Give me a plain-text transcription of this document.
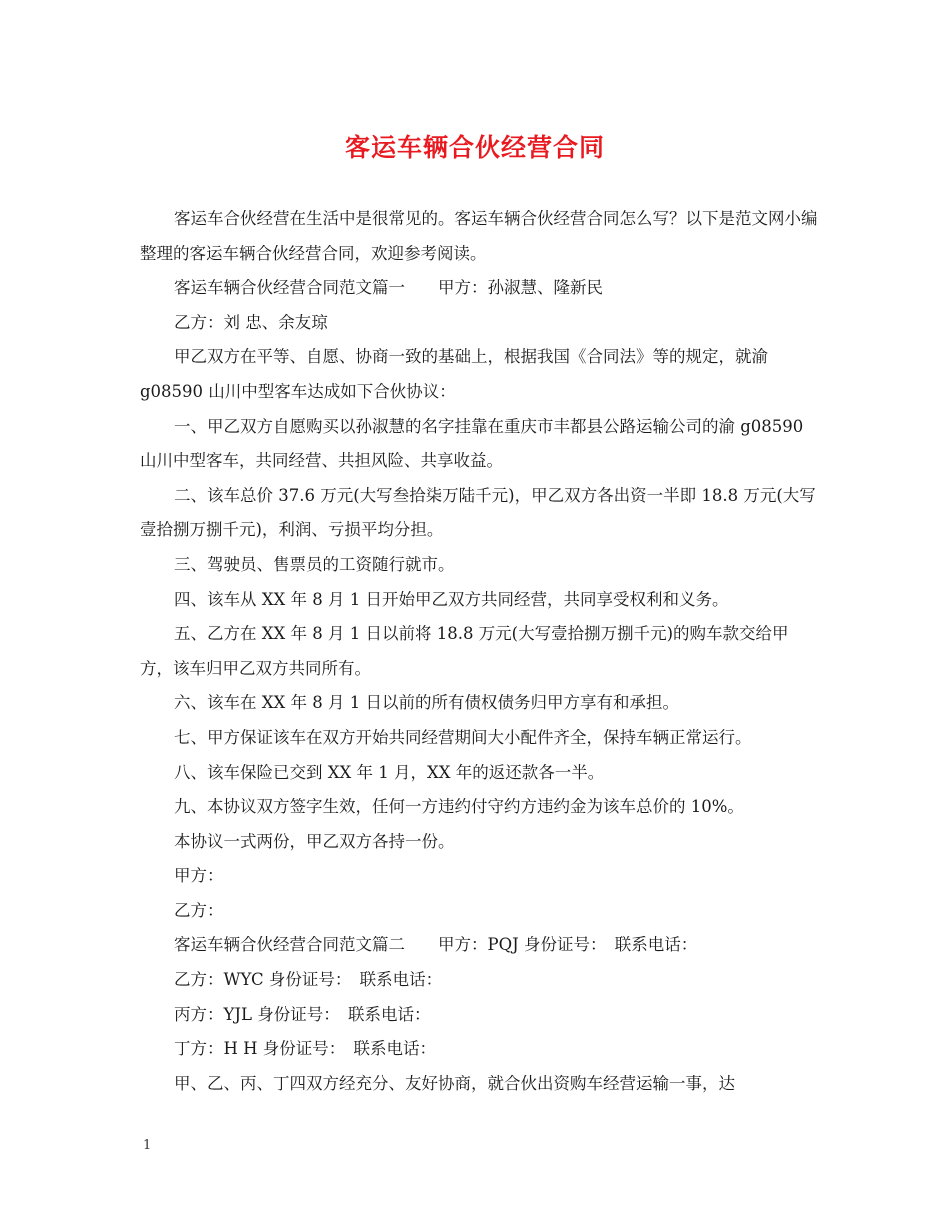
客运车辆合伙经营合同

客运车合伙经营在生活中是很常见的。客运车辆合伙经营合同怎么写？以下是范文网小编整理的客运车辆合伙经营合同，欢迎参考阅读。

客运车辆合伙经营合同范文篇一　　甲方：孙淑慧、隆新民

乙方：刘 忠、余友琼

甲乙双方在平等、自愿、协商一致的基础上，根据我国《合同法》等的规定，就渝 g08590 山川中型客车达成如下合伙协议：

一、甲乙双方自愿购买以孙淑慧的名字挂靠在重庆市丰都县公路运输公司的渝 g08590 山川中型客车，共同经营、共担风险、共享收益。

二、该车总价 37.6 万元(大写叁拾柒万陆千元)，甲乙双方各出资一半即 18.8 万元(大写壹拾捌万捌千元)，利润、亏损平均分担。

三、驾驶员、售票员的工资随行就市。

四、该车从 XX 年 8 月 1 日开始甲乙双方共同经营，共同享受权利和义务。

五、乙方在 XX 年 8 月 1 日以前将 18.8 万元(大写壹拾捌万捌千元)的购车款交给甲方，该车归甲乙双方共同所有。

六、该车在 XX 年 8 月 1 日以前的所有债权债务归甲方享有和承担。

七、甲方保证该车在双方开始共同经营期间大小配件齐全，保持车辆正常运行。

八、该车保险已交到 XX 年 1 月，XX 年的返还款各一半。

九、本协议双方签字生效，任何一方违约付守约方违约金为该车总价的 10%。

本协议一式两份，甲乙双方各持一份。

甲方：

乙方：

客运车辆合伙经营合同范文篇二　　甲方：PQJ 身份证号：　联系电话：

乙方：WYC 身份证号：　联系电话：

丙方：YJL 身份证号：　联系电话：

丁方：H H 身份证号：　联系电话：

甲、乙、丙、丁四双方经充分、友好协商，就合伙出资购车经营运输一事，达

1
